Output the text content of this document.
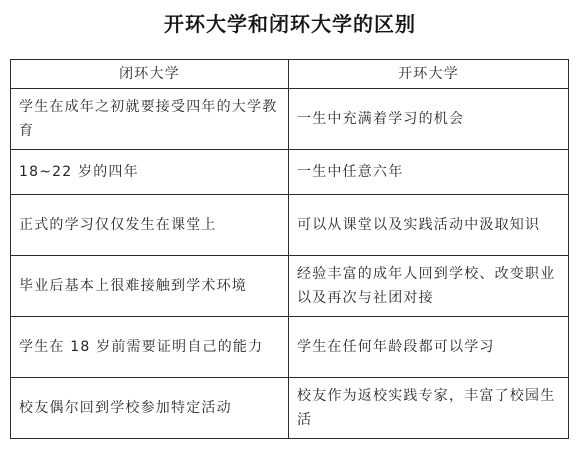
开环大学和闭环大学的区别
闭环大学	开环大学
学生在成年之初就要接受四年的大学教育	一生中充满着学习的机会
18~22 岁的四年	一生中任意六年
正式的学习仅仅发生在课堂上	可以从课堂以及实践活动中汲取知识
毕业后基本上很难接触到学术环境	经验丰富的成年人回到学校、改变职业以及再次与社团对接
学生在 18 岁前需要证明自己的能力	学生在任何年龄段都可以学习
校友偶尔回到学校参加特定活动	校友作为返校实践专家，丰富了校园生活
